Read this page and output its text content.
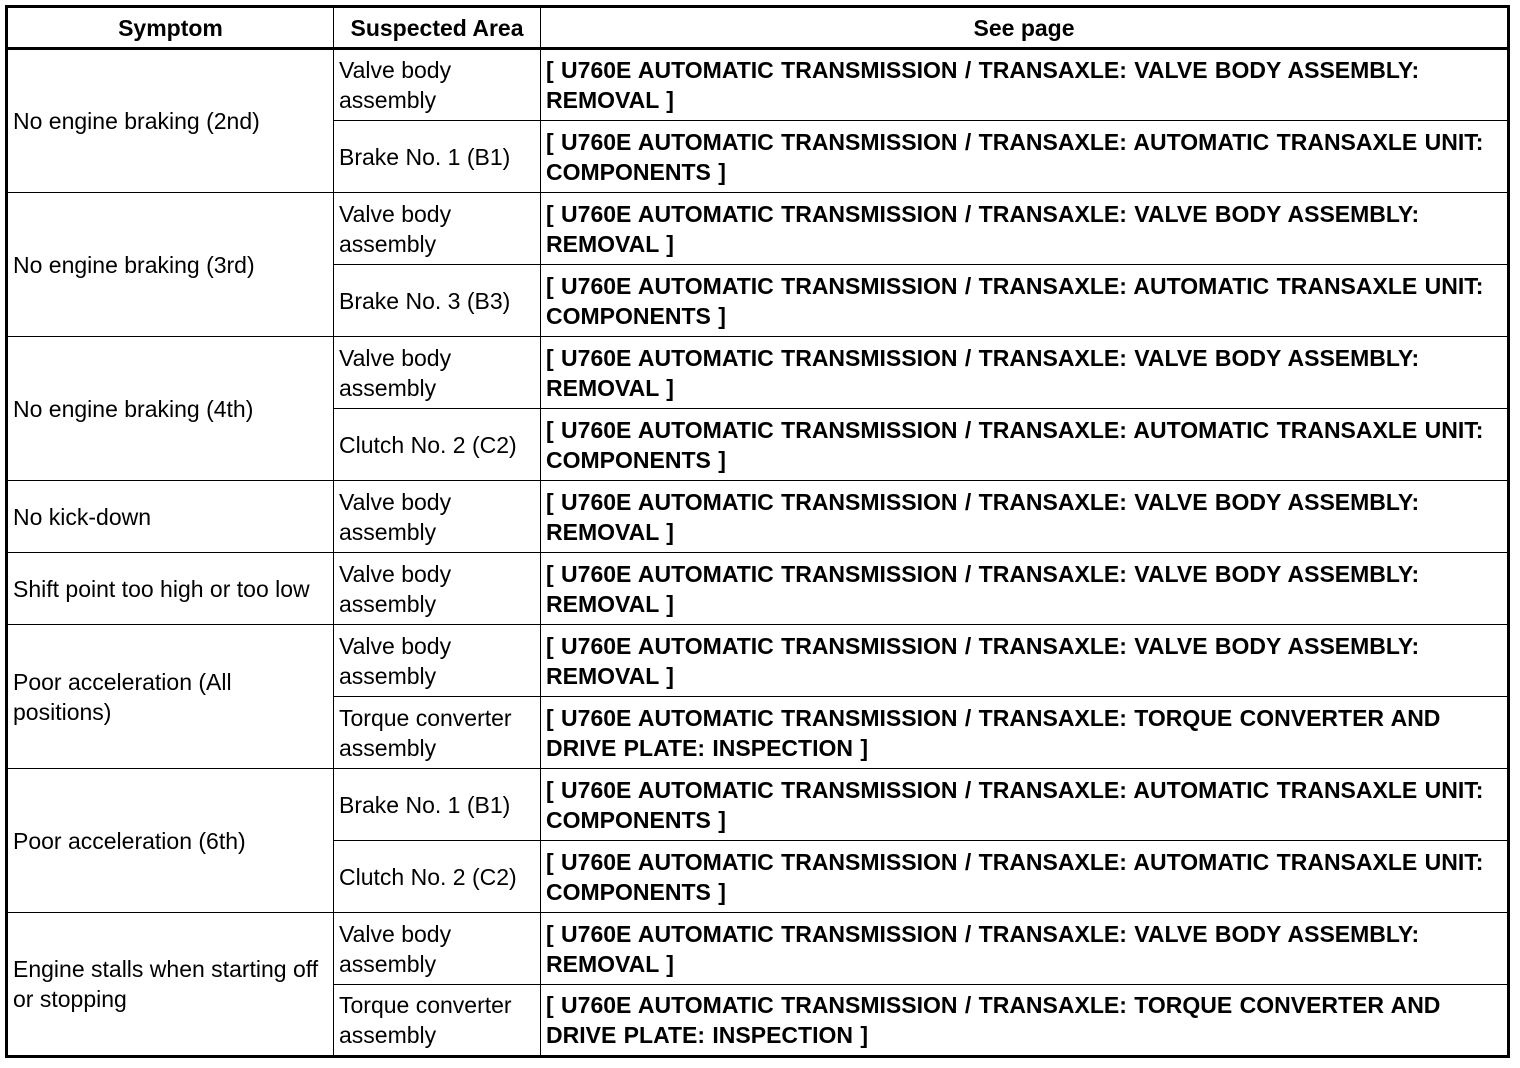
Symptom	Suspected Area	See page
No engine braking (2nd)	Valve body assembly	[ U760E AUTOMATIC TRANSMISSION / TRANSAXLE: VALVE BODY ASSEMBLY: REMOVAL ]
	Brake No. 1 (B1)	[ U760E AUTOMATIC TRANSMISSION / TRANSAXLE: AUTOMATIC TRANSAXLE UNIT: COMPONENTS ]
No engine braking (3rd)	Valve body assembly	[ U760E AUTOMATIC TRANSMISSION / TRANSAXLE: VALVE BODY ASSEMBLY: REMOVAL ]
	Brake No. 3 (B3)	[ U760E AUTOMATIC TRANSMISSION / TRANSAXLE: AUTOMATIC TRANSAXLE UNIT: COMPONENTS ]
No engine braking (4th)	Valve body assembly	[ U760E AUTOMATIC TRANSMISSION / TRANSAXLE: VALVE BODY ASSEMBLY: REMOVAL ]
	Clutch No. 2 (C2)	[ U760E AUTOMATIC TRANSMISSION / TRANSAXLE: AUTOMATIC TRANSAXLE UNIT: COMPONENTS ]
No kick-down	Valve body assembly	[ U760E AUTOMATIC TRANSMISSION / TRANSAXLE: VALVE BODY ASSEMBLY: REMOVAL ]
Shift point too high or too low	Valve body assembly	[ U760E AUTOMATIC TRANSMISSION / TRANSAXLE: VALVE BODY ASSEMBLY: REMOVAL ]
Poor acceleration (All positions)	Valve body assembly	[ U760E AUTOMATIC TRANSMISSION / TRANSAXLE: VALVE BODY ASSEMBLY: REMOVAL ]
	Torque converter assembly	[ U760E AUTOMATIC TRANSMISSION / TRANSAXLE: TORQUE CONVERTER AND DRIVE PLATE: INSPECTION ]
Poor acceleration (6th)	Brake No. 1 (B1)	[ U760E AUTOMATIC TRANSMISSION / TRANSAXLE: AUTOMATIC TRANSAXLE UNIT: COMPONENTS ]
	Clutch No. 2 (C2)	[ U760E AUTOMATIC TRANSMISSION / TRANSAXLE: AUTOMATIC TRANSAXLE UNIT: COMPONENTS ]
Engine stalls when starting off or stopping	Valve body assembly	[ U760E AUTOMATIC TRANSMISSION / TRANSAXLE: VALVE BODY ASSEMBLY: REMOVAL ]
	Torque converter assembly	[ U760E AUTOMATIC TRANSMISSION / TRANSAXLE: TORQUE CONVERTER AND DRIVE PLATE: INSPECTION ]
